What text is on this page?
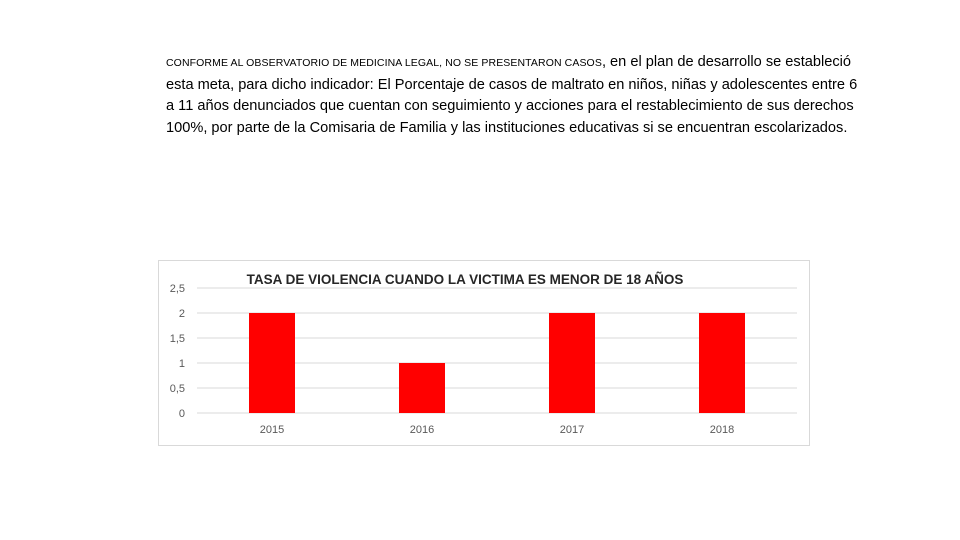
CONFORME AL OBSERVATORIO DE MEDICINA LEGAL, NO SE PRESENTARON CASOS, en el plan de desarrollo se estableció esta meta, para dicho indicador: El Porcentaje de casos de maltrato en niños, niñas y adolescentes entre 6 a 11 años denunciados que cuentan con seguimiento y acciones para el restablecimiento de sus derechos 100%, por parte de la Comisaria de Familia y las instituciones educativas si se encuentran escolarizados.
TASA DE VIOLENCIA CUANDO LA VICTIMA ES MENOR DE 18 AÑOS
0
0,5
1
1,5
2
2,5
2015	2016	2017	2018
